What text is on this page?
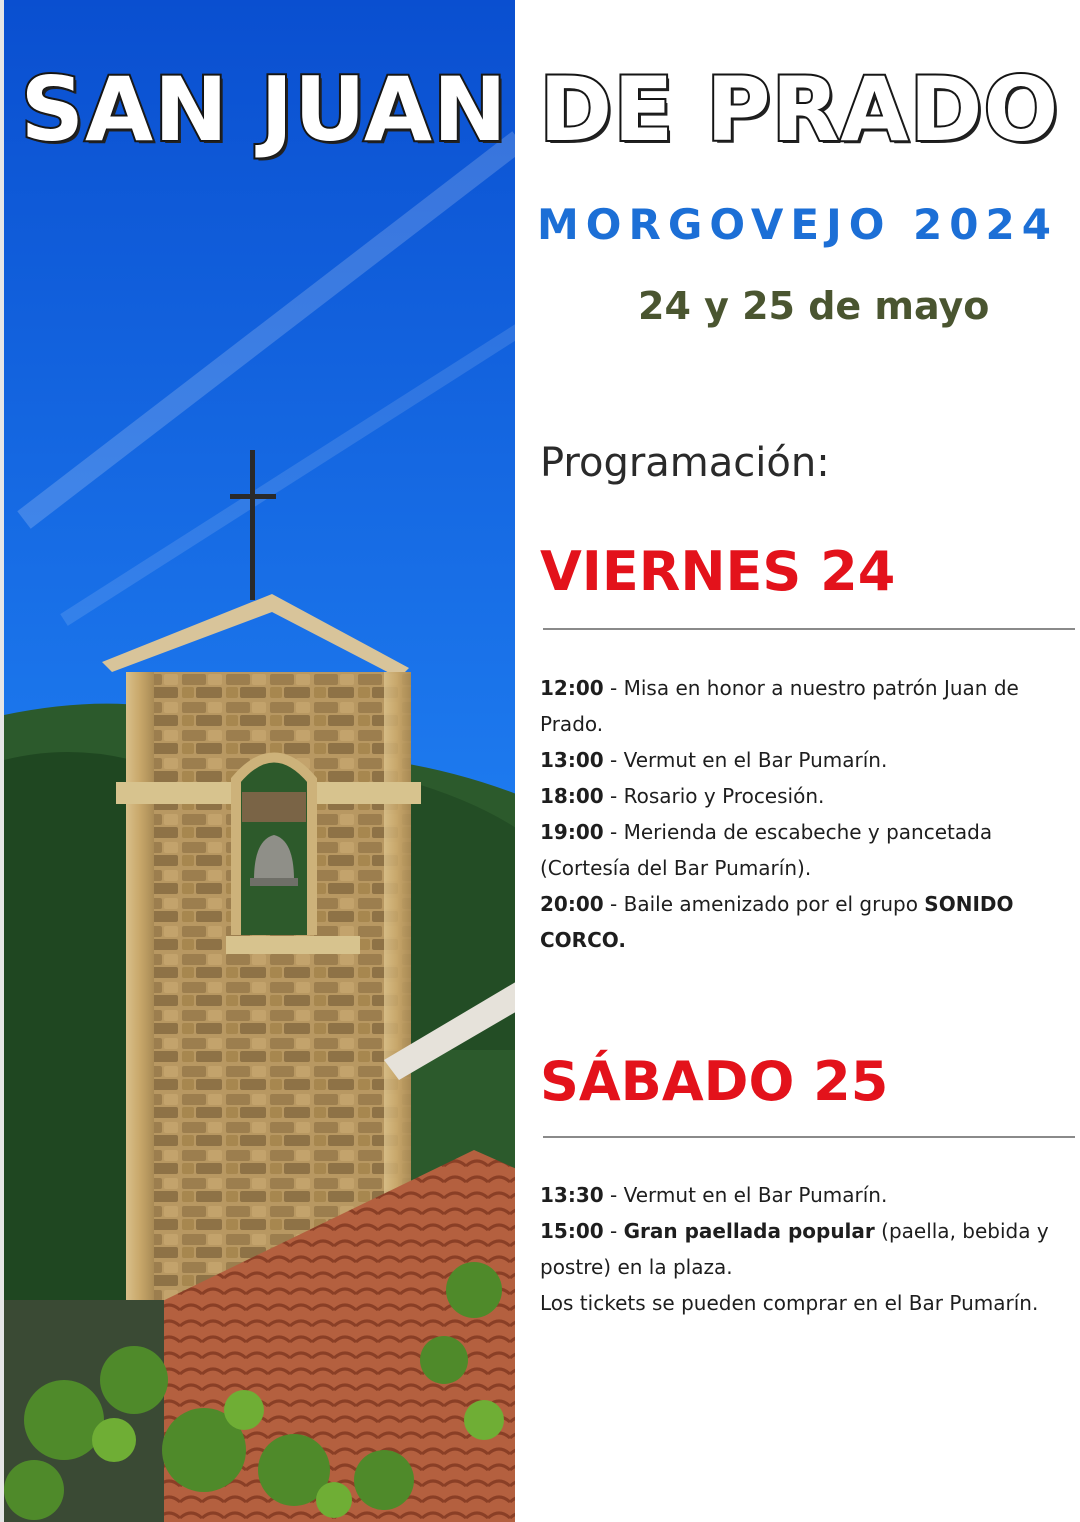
SAN JUAN DE PRADO
MORGOVEJO 2024
24 y 25 de mayo
Programación:
VIERNES 24
12:00 - Misa en honor a nuestro patrón Juan de Prado.
13:00 - Vermut en el Bar Pumarín.
18:00 - Rosario y Procesión.
19:00 - Merienda de escabeche y pancetada (Cortesía del Bar Pumarín).
20:00 - Baile amenizado por el grupo SONIDO CORCO.
SÁBADO 25
13:30 - Vermut en el Bar Pumarín.
15:00 - Gran paellada popular (paella, bebida y postre) en la plaza.
Los tickets se pueden comprar en el Bar Pumarín.
